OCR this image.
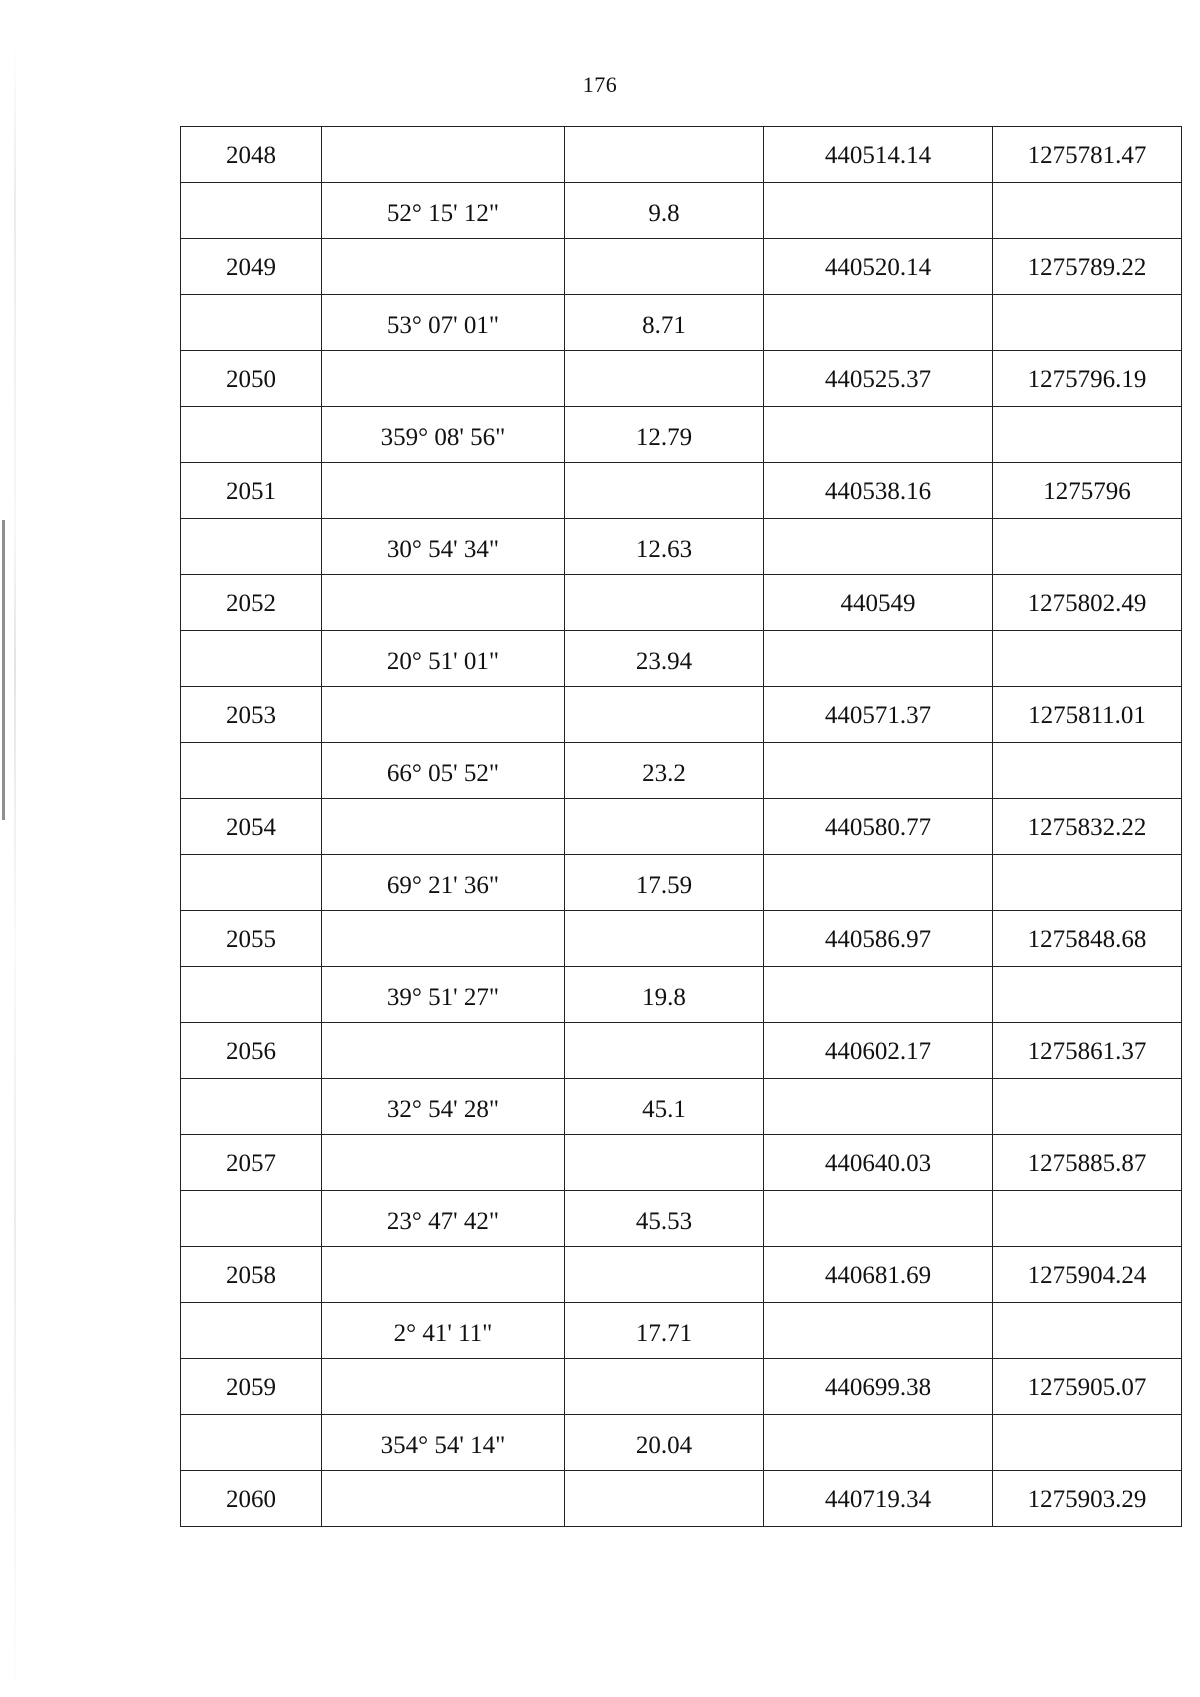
176
2048			440514.14	1275781.47
	52° 15' 12"	9.8		
2049			440520.14	1275789.22
	53° 07' 01"	8.71		
2050			440525.37	1275796.19
	359° 08' 56"	12.79		
2051			440538.16	1275796
	30° 54' 34"	12.63		
2052			440549	1275802.49
	20° 51' 01"	23.94		
2053			440571.37	1275811.01
	66° 05' 52"	23.2		
2054			440580.77	1275832.22
	69° 21' 36"	17.59		
2055			440586.97	1275848.68
	39° 51' 27"	19.8		
2056			440602.17	1275861.37
	32° 54' 28"	45.1		
2057			440640.03	1275885.87
	23° 47' 42"	45.53		
2058			440681.69	1275904.24
	2° 41' 11"	17.71		
2059			440699.38	1275905.07
	354° 54' 14"	20.04		
2060			440719.34	1275903.29
